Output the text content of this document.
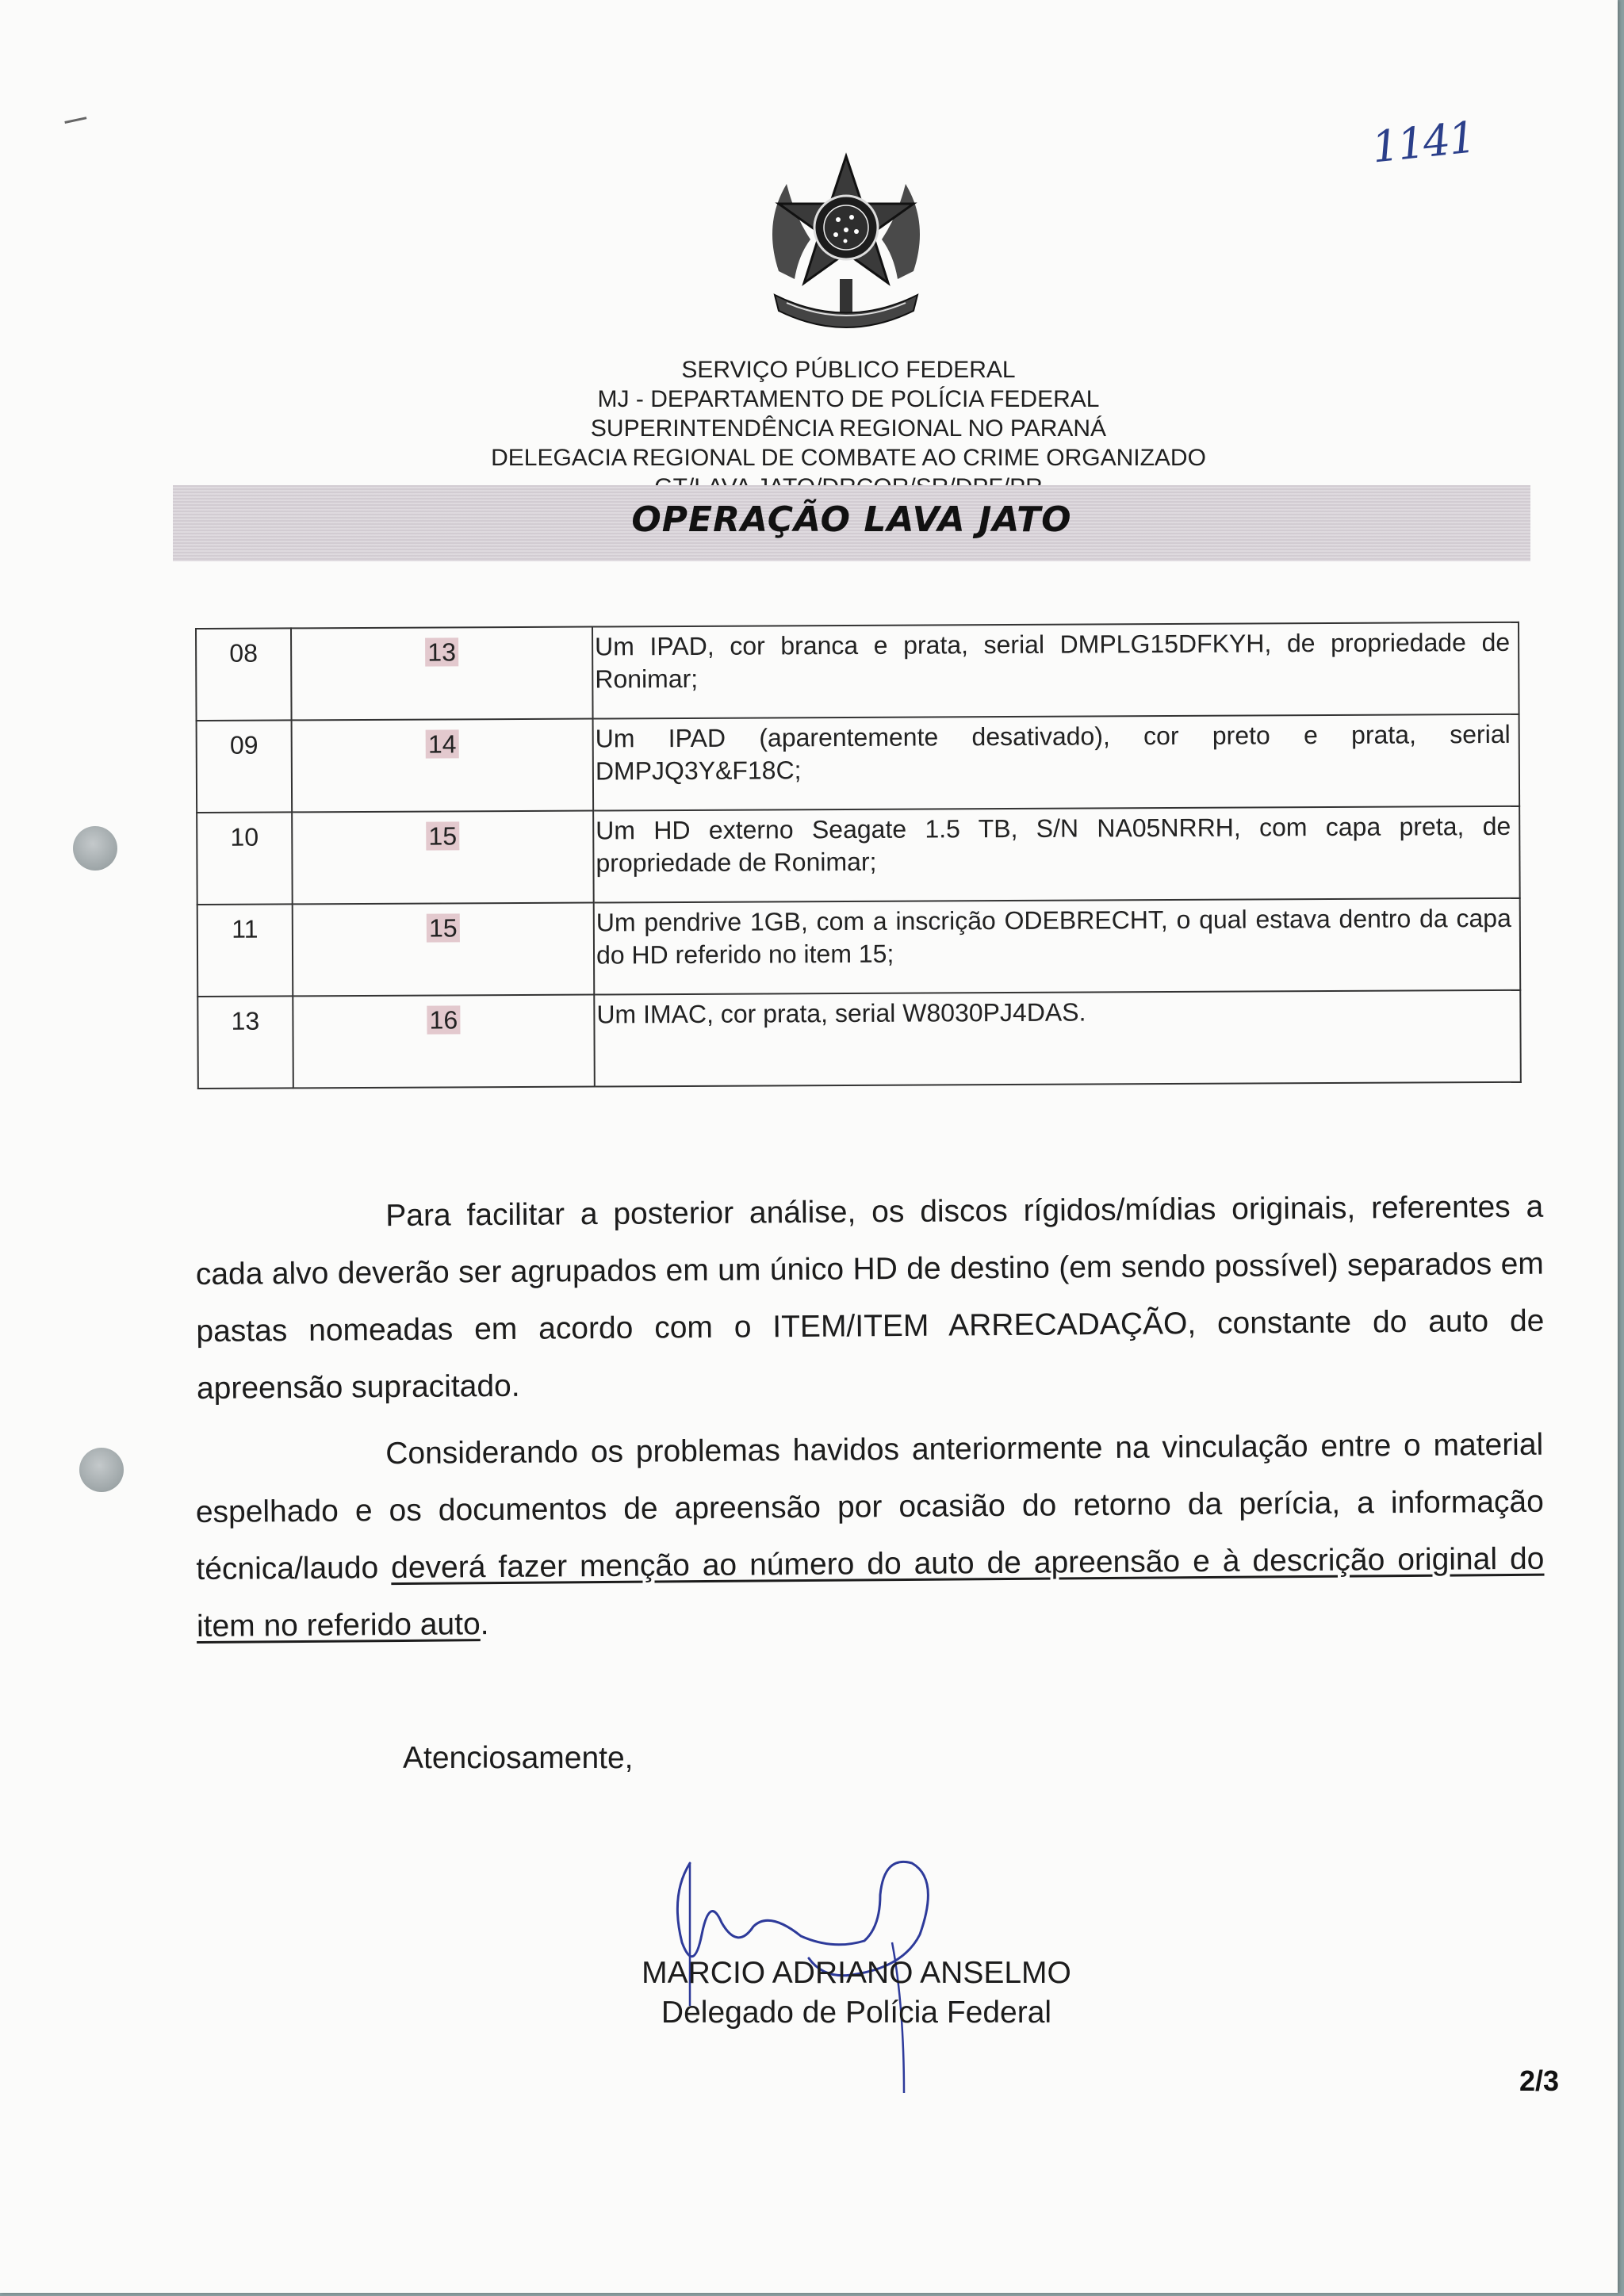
1141
SERVIÇO PÚBLICO FEDERAL
MJ - DEPARTAMENTO DE POLÍCIA FEDERAL
SUPERINTENDÊNCIA REGIONAL NO PARANÁ
DELEGACIA REGIONAL DE COMBATE AO CRIME ORGANIZADO
OPERAÇÃO LAVA JATO
08	13	Um IPAD, cor branca e prata, serial DMPLG15DFKYH, de propriedade de Ronimar;
09	14	Um IPAD (aparentemente desativado), cor preto e prata, serial DMPJQ3Y&F18C;
10	15	Um HD externo Seagate 1.5 TB, S/N NA05NRRH, com capa preta, de propriedade de Ronimar;
11	15	Um pendrive 1GB, com a inscrição ODEBRECHT, o qual estava dentro da capa do HD referido no item 15;
13	16	Um IMAC, cor prata, serial W8030PJ4DAS.
Para facilitar a posterior análise, os discos rígidos/mídias originais, referentes a cada alvo deverão ser agrupados em um único HD de destino (em sendo possível) separados em pastas nomeadas em acordo com o ITEM/ITEM ARRECADAÇÃO, constante do auto de apreensão supracitado.
Considerando os problemas havidos anteriormente na vinculação entre o material espelhado e os documentos de apreensão por ocasião do retorno da perícia, a informação técnica/laudo deverá fazer menção ao número do auto de apreensão e à descrição original do item no referido auto.
Atenciosamente,
MARCIO ADRIANO ANSELMO
Delegado de Polícia Federal
2/3
